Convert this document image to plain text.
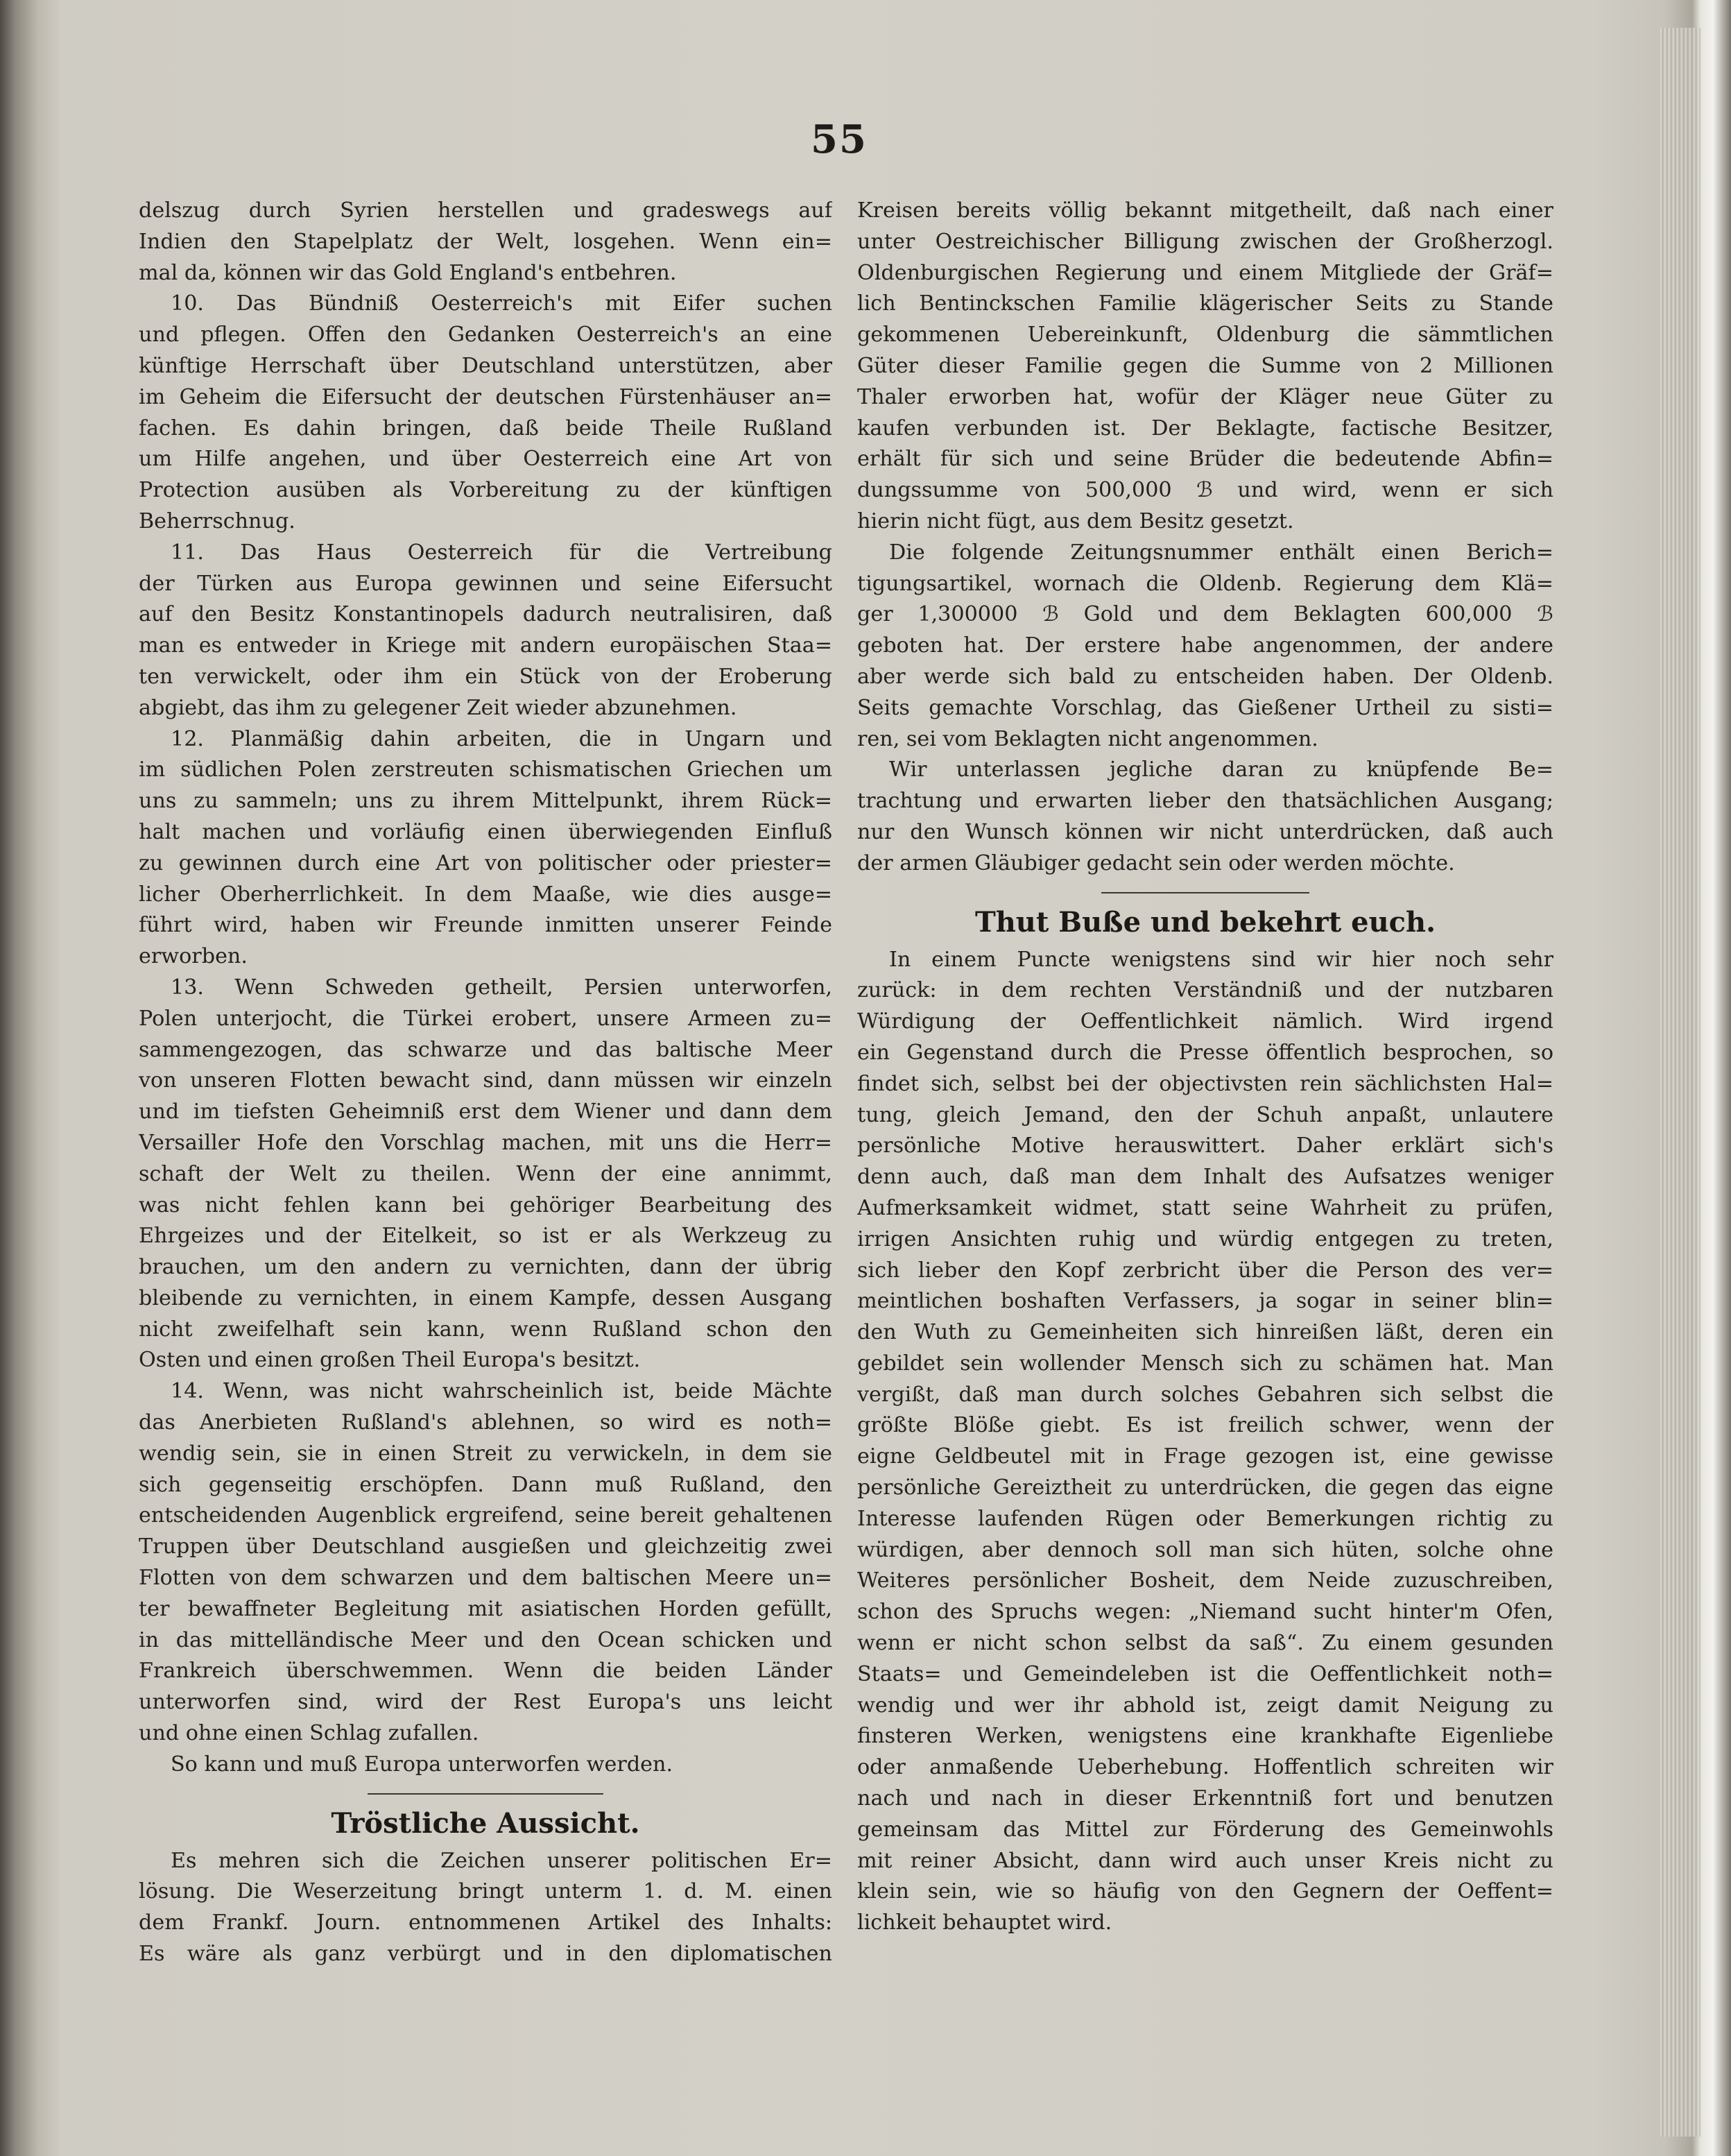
55
delszug durch Syrien herstellen und gradeswegs auf
Indien den Stapelplatz der Welt, losgehen. Wenn ein=
mal da, können wir das Gold England's entbehren.
10. Das Bündniß Oesterreich's mit Eifer suchen
und pflegen. Offen den Gedanken Oesterreich's an eine
künftige Herrschaft über Deutschland unterstützen, aber
im Geheim die Eifersucht der deutschen Fürstenhäuser an=
fachen. Es dahin bringen, daß beide Theile Rußland
um Hilfe angehen, und über Oesterreich eine Art von
Protection ausüben als Vorbereitung zu der künftigen
Beherrschnug.
11. Das Haus Oesterreich für die Vertreibung
der Türken aus Europa gewinnen und seine Eifersucht
auf den Besitz Konstantinopels dadurch neutralisiren, daß
man es entweder in Kriege mit andern europäischen Staa=
ten verwickelt, oder ihm ein Stück von der Eroberung
abgiebt, das ihm zu gelegener Zeit wieder abzunehmen.
12. Planmäßig dahin arbeiten, die in Ungarn und
im südlichen Polen zerstreuten schismatischen Griechen um
uns zu sammeln; uns zu ihrem Mittelpunkt, ihrem Rück=
halt machen und vorläufig einen überwiegenden Einfluß
zu gewinnen durch eine Art von politischer oder priester=
licher Oberherrlichkeit. In dem Maaße, wie dies ausge=
führt wird, haben wir Freunde inmitten unserer Feinde
erworben.
13. Wenn Schweden getheilt, Persien unterworfen,
Polen unterjocht, die Türkei erobert, unsere Armeen zu=
sammengezogen, das schwarze und das baltische Meer
von unseren Flotten bewacht sind, dann müssen wir einzeln
und im tiefsten Geheimniß erst dem Wiener und dann dem
Versailler Hofe den Vorschlag machen, mit uns die Herr=
schaft der Welt zu theilen. Wenn der eine annimmt,
was nicht fehlen kann bei gehöriger Bearbeitung des
Ehrgeizes und der Eitelkeit, so ist er als Werkzeug zu
brauchen, um den andern zu vernichten, dann der übrig
bleibende zu vernichten, in einem Kampfe, dessen Ausgang
nicht zweifelhaft sein kann, wenn Rußland schon den
Osten und einen großen Theil Europa's besitzt.
14. Wenn, was nicht wahrscheinlich ist, beide Mächte
das Anerbieten Rußland's ablehnen, so wird es noth=
wendig sein, sie in einen Streit zu verwickeln, in dem sie
sich gegenseitig erschöpfen. Dann muß Rußland, den
entscheidenden Augenblick ergreifend, seine bereit gehaltenen
Truppen über Deutschland ausgießen und gleichzeitig zwei
Flotten von dem schwarzen und dem baltischen Meere un=
ter bewaffneter Begleitung mit asiatischen Horden gefüllt,
in das mittelländische Meer und den Ocean schicken und
Frankreich überschwemmen. Wenn die beiden Länder
unterworfen sind, wird der Rest Europa's uns leicht
und ohne einen Schlag zufallen.
So kann und muß Europa unterworfen werden.
Tröstliche Aussicht.
Es mehren sich die Zeichen unserer politischen Er=
lösung. Die Weserzeitung bringt unterm 1. d. M. einen
dem Frankf. Journ. entnommenen Artikel des Inhalts:
Es wäre als ganz verbürgt und in den diplomatischen
Kreisen bereits völlig bekannt mitgetheilt, daß nach einer
unter Oestreichischer Billigung zwischen der Großherzogl.
Oldenburgischen Regierung und einem Mitgliede der Gräf=
lich Bentinckschen Familie klägerischer Seits zu Stande
gekommenen Uebereinkunft, Oldenburg die sämmtlichen
Güter dieser Familie gegen die Summe von 2 Millionen
Thaler erworben hat, wofür der Kläger neue Güter zu
kaufen verbunden ist. Der Beklagte, factische Besitzer,
erhält für sich und seine Brüder die bedeutende Abfin=
dungssumme von 500,000 ℬ und wird, wenn er sich
hierin nicht fügt, aus dem Besitz gesetzt.
Die folgende Zeitungsnummer enthält einen Berich=
tigungsartikel, wornach die Oldenb. Regierung dem Klä=
ger 1,300000 ℬ Gold und dem Beklagten 600,000 ℬ
geboten hat. Der erstere habe angenommen, der andere
aber werde sich bald zu entscheiden haben. Der Oldenb.
Seits gemachte Vorschlag, das Gießener Urtheil zu sisti=
ren, sei vom Beklagten nicht angenommen.
Wir unterlassen jegliche daran zu knüpfende Be=
trachtung und erwarten lieber den thatsächlichen Ausgang;
nur den Wunsch können wir nicht unterdrücken, daß auch
der armen Gläubiger gedacht sein oder werden möchte.
Thut Buße und bekehrt euch.
In einem Puncte wenigstens sind wir hier noch sehr
zurück: in dem rechten Verständniß und der nutzbaren
Würdigung der Oeffentlichkeit nämlich. Wird irgend
ein Gegenstand durch die Presse öffentlich besprochen, so
findet sich, selbst bei der objectivsten rein sächlichsten Hal=
tung, gleich Jemand, den der Schuh anpaßt, unlautere
persönliche Motive herauswittert. Daher erklärt sich's
denn auch, daß man dem Inhalt des Aufsatzes weniger
Aufmerksamkeit widmet, statt seine Wahrheit zu prüfen,
irrigen Ansichten ruhig und würdig entgegen zu treten,
sich lieber den Kopf zerbricht über die Person des ver=
meintlichen boshaften Verfassers, ja sogar in seiner blin=
den Wuth zu Gemeinheiten sich hinreißen läßt, deren ein
gebildet sein wollender Mensch sich zu schämen hat. Man
vergißt, daß man durch solches Gebahren sich selbst die
größte Blöße giebt. Es ist freilich schwer, wenn der
eigne Geldbeutel mit in Frage gezogen ist, eine gewisse
persönliche Gereiztheit zu unterdrücken, die gegen das eigne
Interesse laufenden Rügen oder Bemerkungen richtig zu
würdigen, aber dennoch soll man sich hüten, solche ohne
Weiteres persönlicher Bosheit, dem Neide zuzuschreiben,
schon des Spruchs wegen: „Niemand sucht hinter'm Ofen,
wenn er nicht schon selbst da saß“. Zu einem gesunden
Staats= und Gemeindeleben ist die Oeffentlichkeit noth=
wendig und wer ihr abhold ist, zeigt damit Neigung zu
finsteren Werken, wenigstens eine krankhafte Eigenliebe
oder anmaßende Ueberhebung. Hoffentlich schreiten wir
nach und nach in dieser Erkenntniß fort und benutzen
gemeinsam das Mittel zur Förderung des Gemeinwohls
mit reiner Absicht, dann wird auch unser Kreis nicht zu
klein sein, wie so häufig von den Gegnern der Oeffent=
lichkeit behauptet wird.
